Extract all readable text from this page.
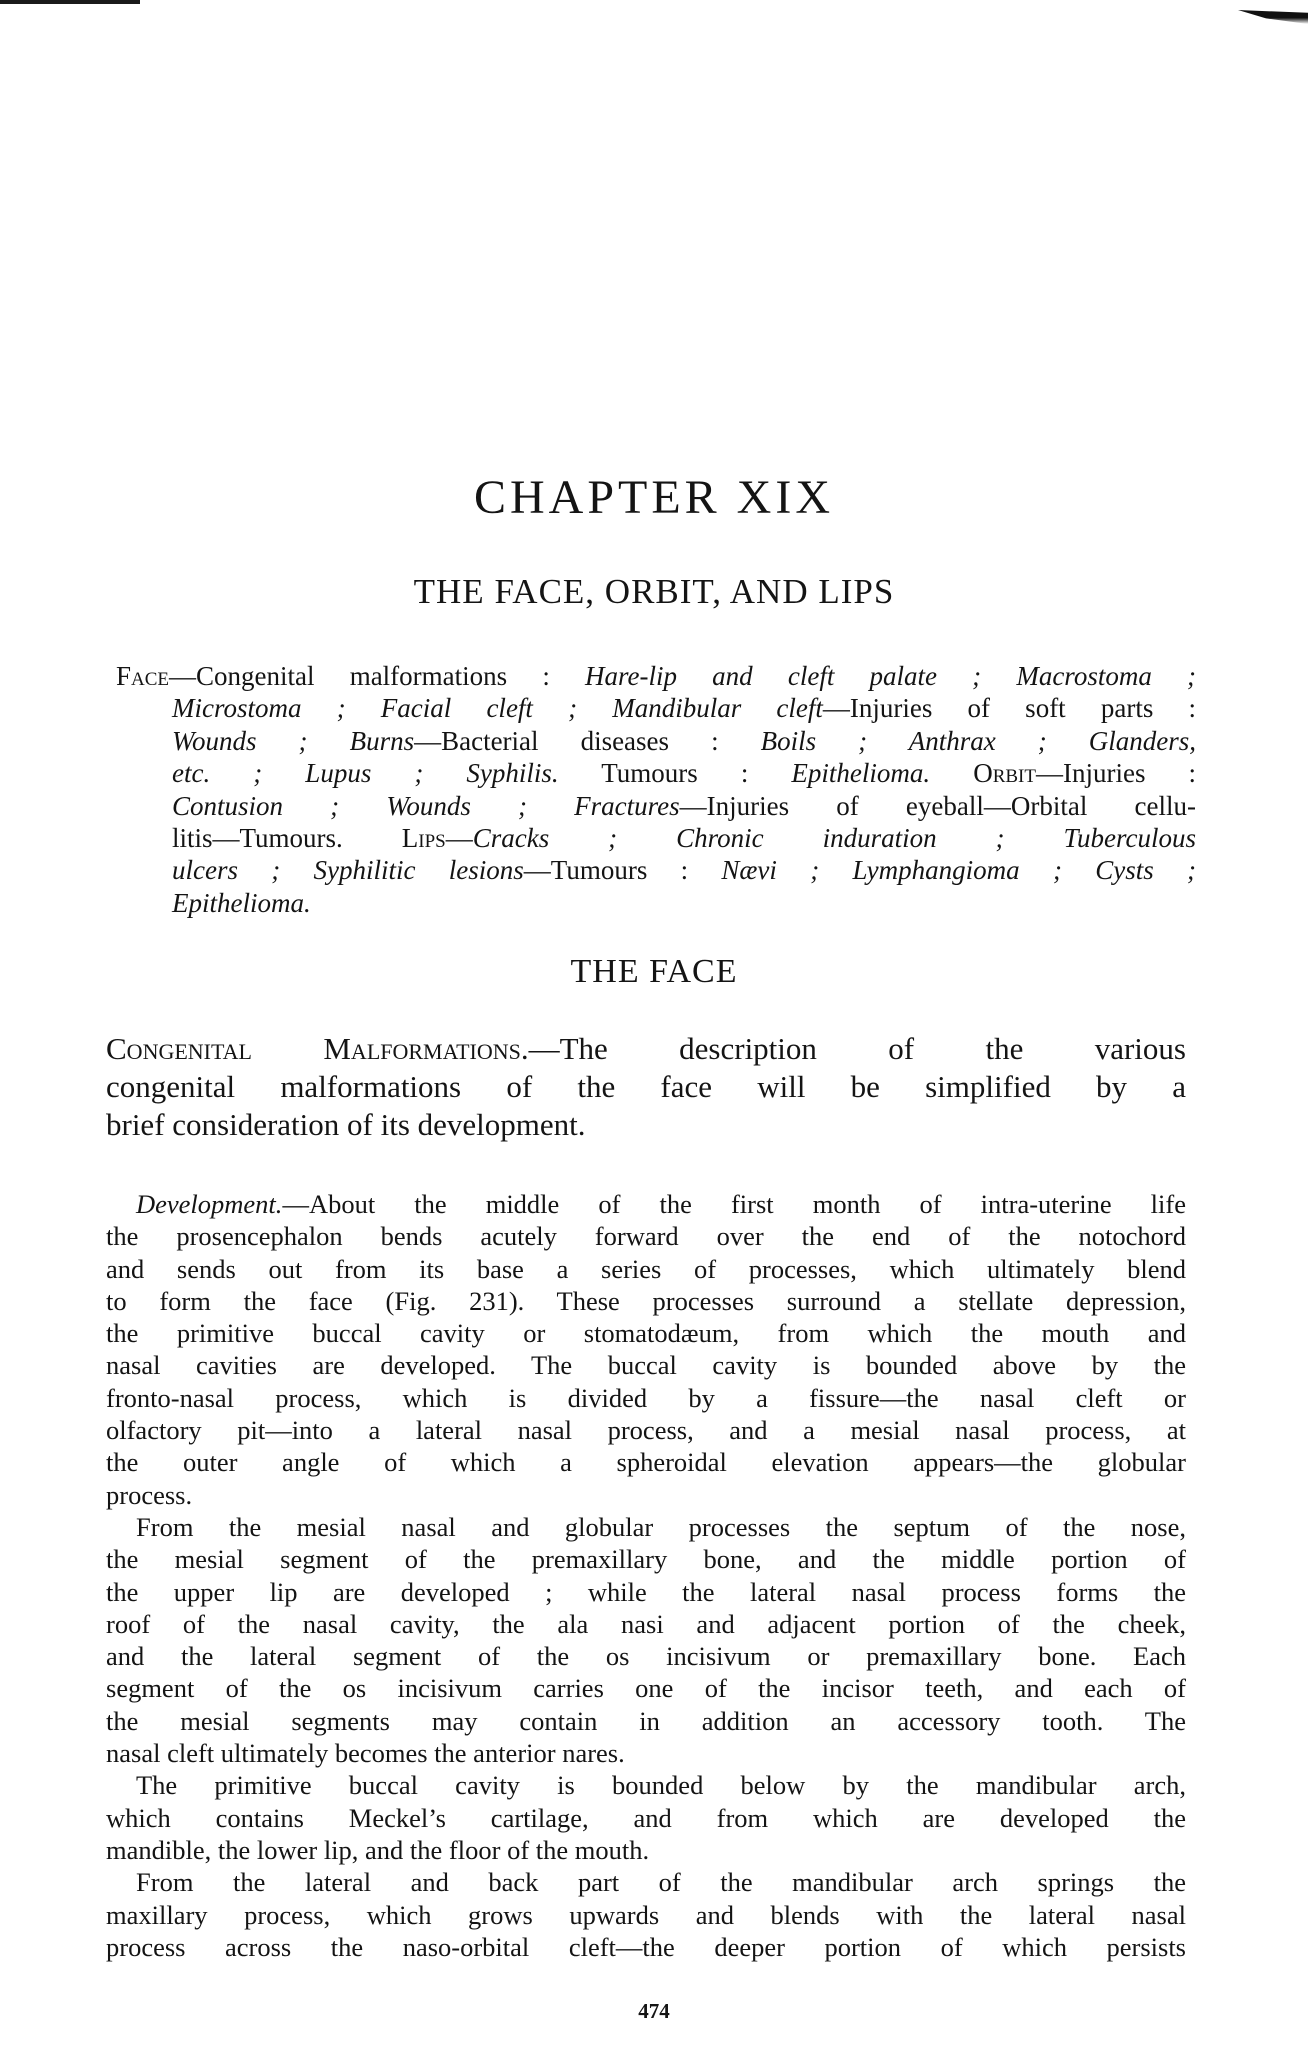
CHAPTER XIX
THE FACE, ORBIT, AND LIPS
Face—Congenital malformations : Hare-lip and cleft palate ; Macrostoma ;
Microstoma ; Facial cleft ; Mandibular cleft—Injuries of soft parts :
Wounds ; Burns—Bacterial diseases : Boils ; Anthrax ; Glanders,
etc. ; Lupus ; Syphilis. Tumours : Epithelioma. Orbit—Injuries :
Contusion ; Wounds ; Fractures—Injuries of eyeball—Orbital cellu-
litis—Tumours. Lips—Cracks ; Chronic induration ; Tuberculous
ulcers ; Syphilitic lesions—Tumours : Nævi ; Lymphangioma ; Cysts ;
Epithelioma.
THE FACE
Congenital Malformations.—The description of the various
congenital malformations of the face will be simplified by a
brief consideration of its development.
Development.—About the middle of the first month of intra-uterine life
the prosencephalon bends acutely forward over the end of the notochord
and sends out from its base a series of processes, which ultimately blend
to form the face (Fig. 231). These processes surround a stellate depression,
the primitive buccal cavity or stomatodæum, from which the mouth and
nasal cavities are developed. The buccal cavity is bounded above by the
fronto-nasal process, which is divided by a fissure—the nasal cleft or
olfactory pit—into a lateral nasal process, and a mesial nasal process, at
the outer angle of which a spheroidal elevation appears—the globular
process.
From the mesial nasal and globular processes the septum of the nose,
the mesial segment of the premaxillary bone, and the middle portion of
the upper lip are developed ; while the lateral nasal process forms the
roof of the nasal cavity, the ala nasi and adjacent portion of the cheek,
and the lateral segment of the os incisivum or premaxillary bone. Each
segment of the os incisivum carries one of the incisor teeth, and each of
the mesial segments may contain in addition an accessory tooth. The
nasal cleft ultimately becomes the anterior nares.
The primitive buccal cavity is bounded below by the mandibular arch,
which contains Meckel’s cartilage, and from which are developed the
mandible, the lower lip, and the floor of the mouth.
From the lateral and back part of the mandibular arch springs the
maxillary process, which grows upwards and blends with the lateral nasal
process across the naso-orbital cleft—the deeper portion of which persists
474
